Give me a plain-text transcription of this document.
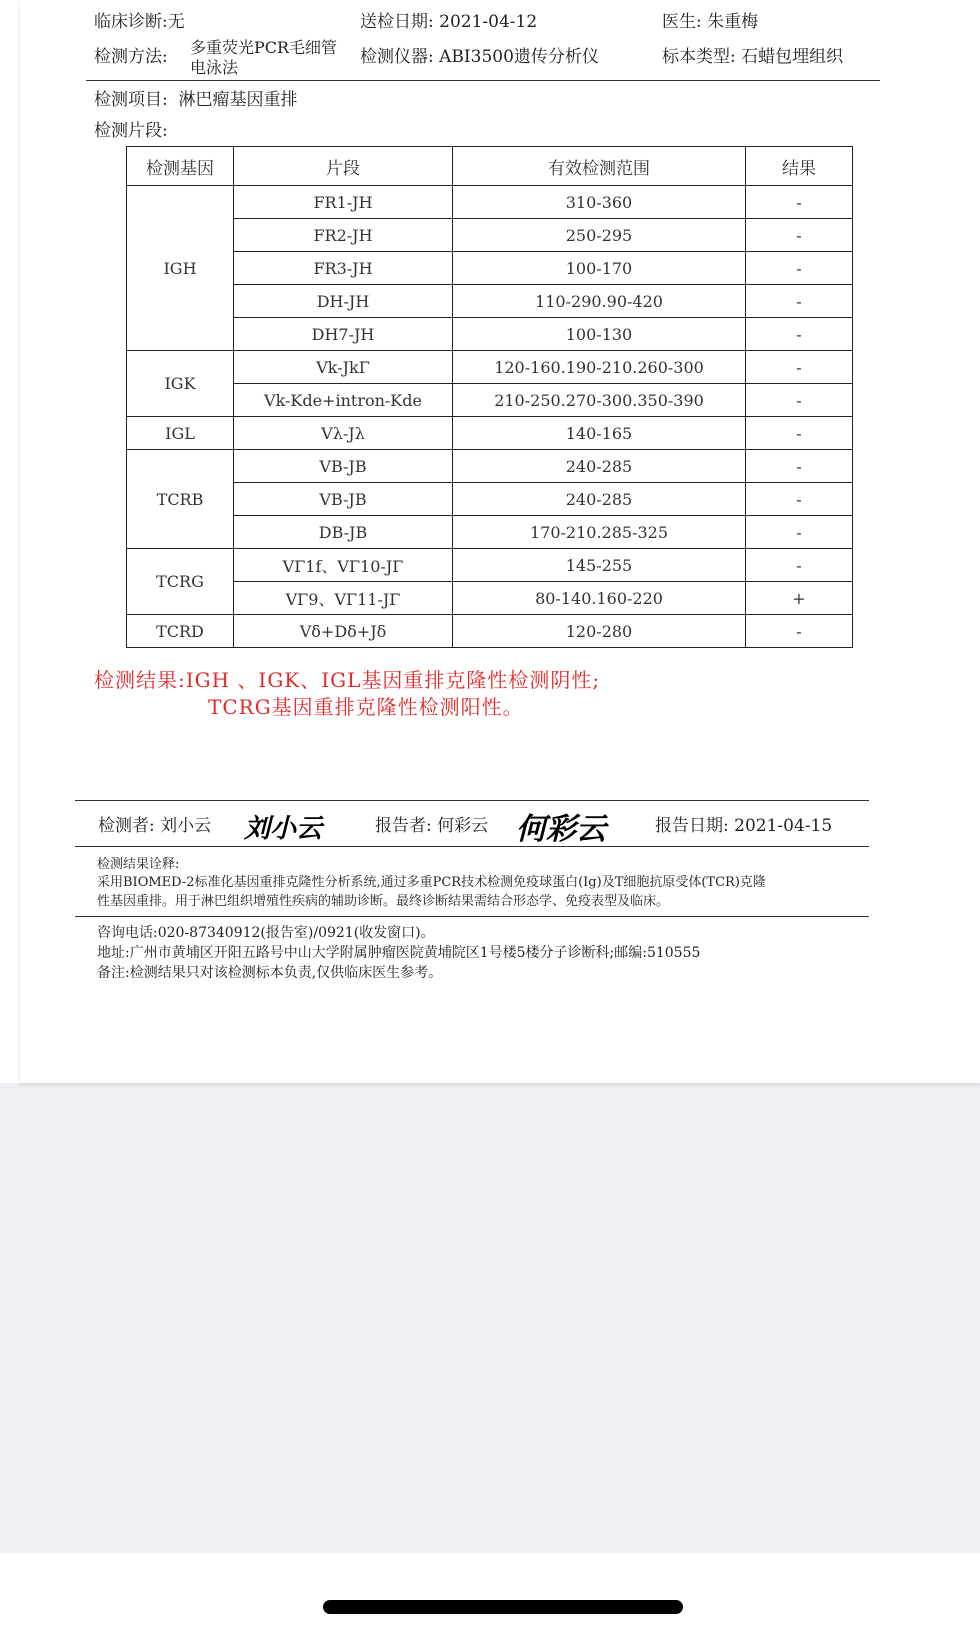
临床诊断:无	送检日期: 2021-04-12	医生: 朱重梅
检测方法: 多重荧光PCR毛细管
电泳法
检测仪器: ABI3500遗传分析仪	标本类型: 石蜡包埋组织
检测项目: 淋巴瘤基因重排
检测片段:
检测基因	片段	有效检测范围	结果
IGH	FR1-JH	310-360	-
	FR2-JH	250-295	-
	FR3-JH	100-170	-
	DH-JH	110-290.90-420	-
	DH7-JH	100-130	-
IGK	Vk-JkΓ	120-160.190-210.260-300	-
	Vk-Kde+intron-Kde	210-250.270-300.350-390	-
IGL	Vλ-Jλ	140-165	-
TCRB	VB-JB	240-285	-
	VB-JB	240-285	-
	DB-JB	170-210.285-325	-
TCRG	VΓ1f、VΓ10-JΓ	145-255	-
	VΓ9、VΓ11-JΓ	80-140.160-220	+
TCRD	Vδ+Dδ+Jδ	120-280	-
检测结果:IGH 、IGK、IGL基因重排克隆性检测阴性;
TCRG基因重排克隆性检测阳性。
检测者: 刘小云 刘小云	报告者: 何彩云 何彩云	报告日期: 2021-04-15
检测结果诠释:
采用BIOMED-2标准化基因重排克隆性分析系统,通过多重PCR技术检测免疫球蛋白(Ig)及T细胞抗原受体(TCR)克隆
性基因重排。用于淋巴组织增殖性疾病的辅助诊断。最终诊断结果需结合形态学、免疫表型及临床。
咨询电话:020-87340912(报告室)/0921(收发窗口)。
地址:广州市黄埔区开阳五路号中山大学附属肿瘤医院黄埔院区1号楼5楼分子诊断科;邮编:510555
备注:检测结果只对该检测标本负责,仅供临床医生参考。
